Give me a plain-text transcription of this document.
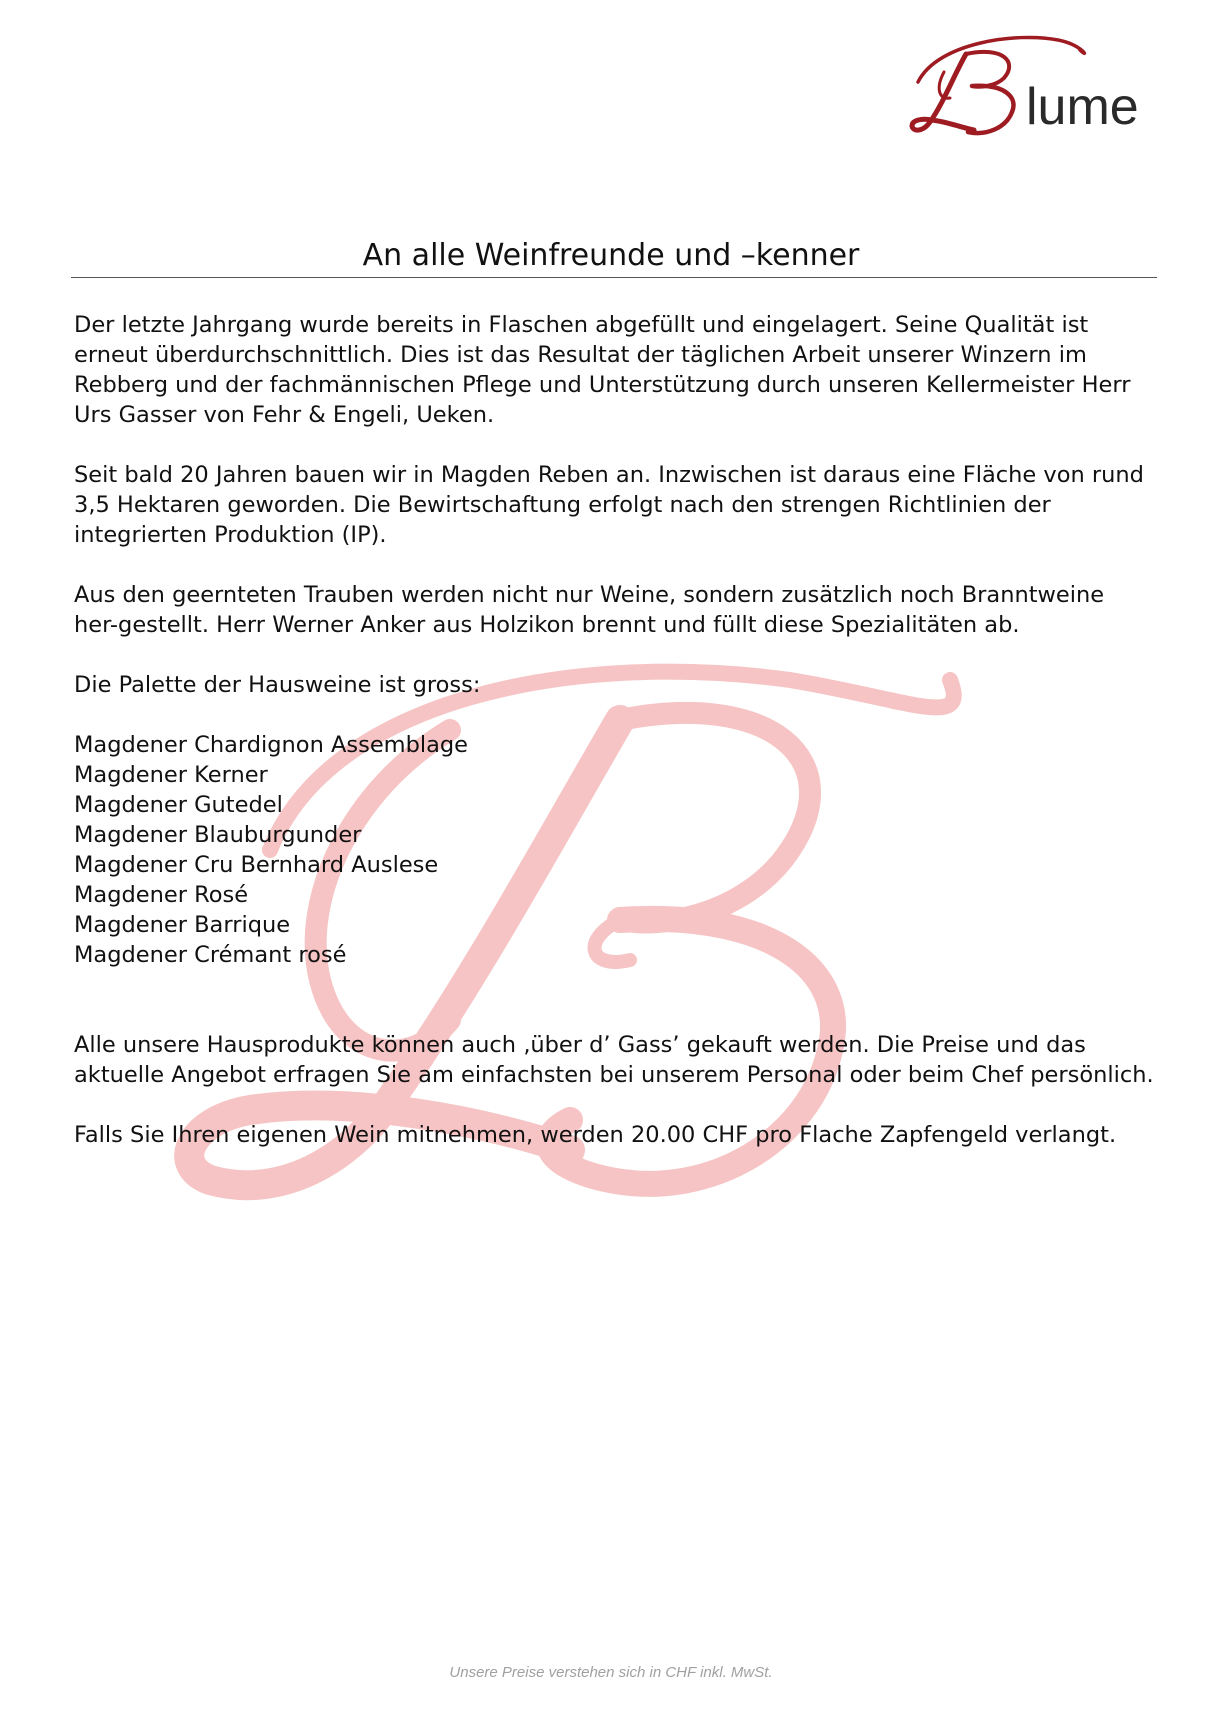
lume
An alle Weinfreunde und –kenner

Der letzte Jahrgang wurde bereits in Flaschen abgefüllt und eingelagert. Seine Qualität ist erneut überdurchschnittlich. Dies ist das Resultat der täglichen Arbeit unserer Winzern im Rebberg und der fachmännischen Pflege und Unterstützung durch unseren Kellermeister Herr Urs Gasser von Fehr & Engeli, Ueken.

Seit bald 20 Jahren bauen wir in Magden Reben an. Inzwischen ist daraus eine Fläche von rund 3,5 Hektaren geworden. Die Bewirtschaftung erfolgt nach den strengen Richtlinien der integrierten Produktion (IP).

Aus den geernteten Trauben werden nicht nur Weine, sondern zusätzlich noch Branntweine her-gestellt. Herr Werner Anker aus Holzikon brennt und füllt diese Spezialitäten ab.

Die Palette der Hausweine ist gross:

Magdener Chardignon Assemblage
Magdener Kerner
Magdener Gutedel
Magdener Blauburgunder
Magdener Cru Bernhard Auslese
Magdener Rosé
Magdener Barrique
Magdener Crémant rosé

Alle unsere Hausprodukte können auch ‚über d’ Gass’ gekauft werden. Die Preise und das aktuelle Angebot erfragen Sie am einfachsten bei unserem Personal oder beim Chef persönlich.

Falls Sie Ihren eigenen Wein mitnehmen, werden 20.00 CHF pro Flache Zapfengeld verlangt.

Unsere Preise verstehen sich in CHF inkl. MwSt.
